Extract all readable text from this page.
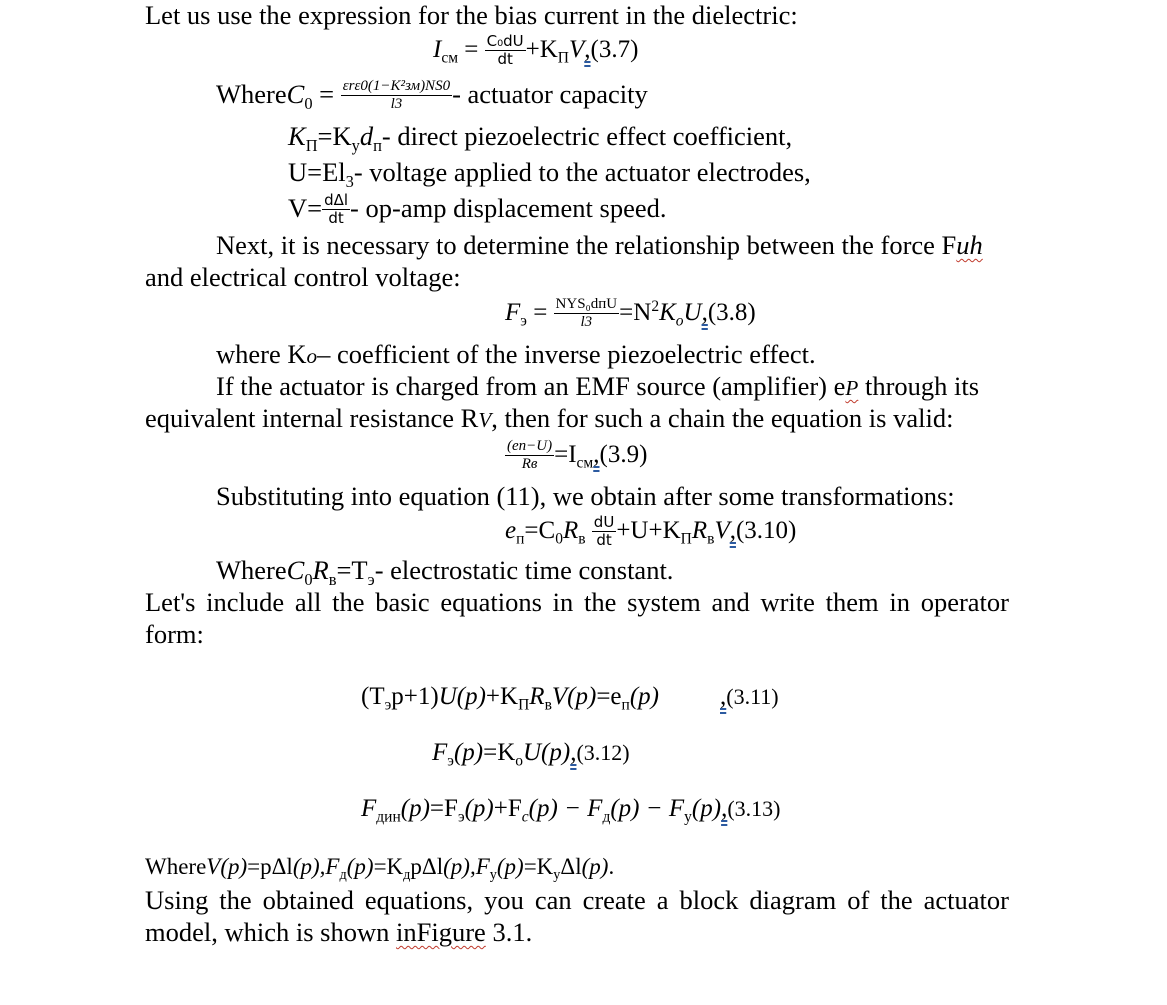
Let us use the expression for the bias current in the dielectric:
$I_{см} = \frac{\text{C₀dU}}{dt} +K_ПV,(3.7)$
WhereC$_0$ = $\frac{\text{εrε0(1−K²зм)NS0}}{l3}$ - actuator capacity
$K_П=K_yd_п-$ direct piezoelectric effect coefficient,
$U=El_3-$ voltage applied to the actuator electrodes,
$V= \frac{\text{dΔl}}{dt} - op-amp$ displacement speed.
Next, it is necessary to determine the relationship between the force Fuh
and electrical control voltage:
$F_э = \frac{\text{NYS₀dпU}}{l3} =N^2K_oU,(3.8)$
where Ko– coefficient of the inverse piezoelectric effect.
If the actuator is charged from an EMF source (amplifier) eP through its
equivalent internal resistance RV, then for such a chain the equation is valid:
$\frac{(eп-U)}{Rв} =I_{см},(3.9)$
Substituting into equation (11), we obtain after some transformations:
$e_п=C_0R_в \frac{dU}{dt} +U+K_ПR_вV,(3.10)$
$WhereC_0R_в=T_э-$ electrostatic time constant.
Let's include all the basic equations in the system and write them in operator
form:
$(T_эp+1)U(p)+K_ПR_вV(p)=e_п(p)$ ,(3.11)
$F_э(p)=K_oU(p),(3.12)$
$F_{дин}(p)=F_э(p)+F_c(p) - F_д(p) - F_у(p),(3.13)$
$WhereV(p)=p\Delta l(p),F_д(p)=K_дp\Delta l(p),F_y(p)=K_y\Delta l(p)$.
Using the obtained equations, you can create a block diagram of the actuator
model, which is shown inFigure 3.1.
